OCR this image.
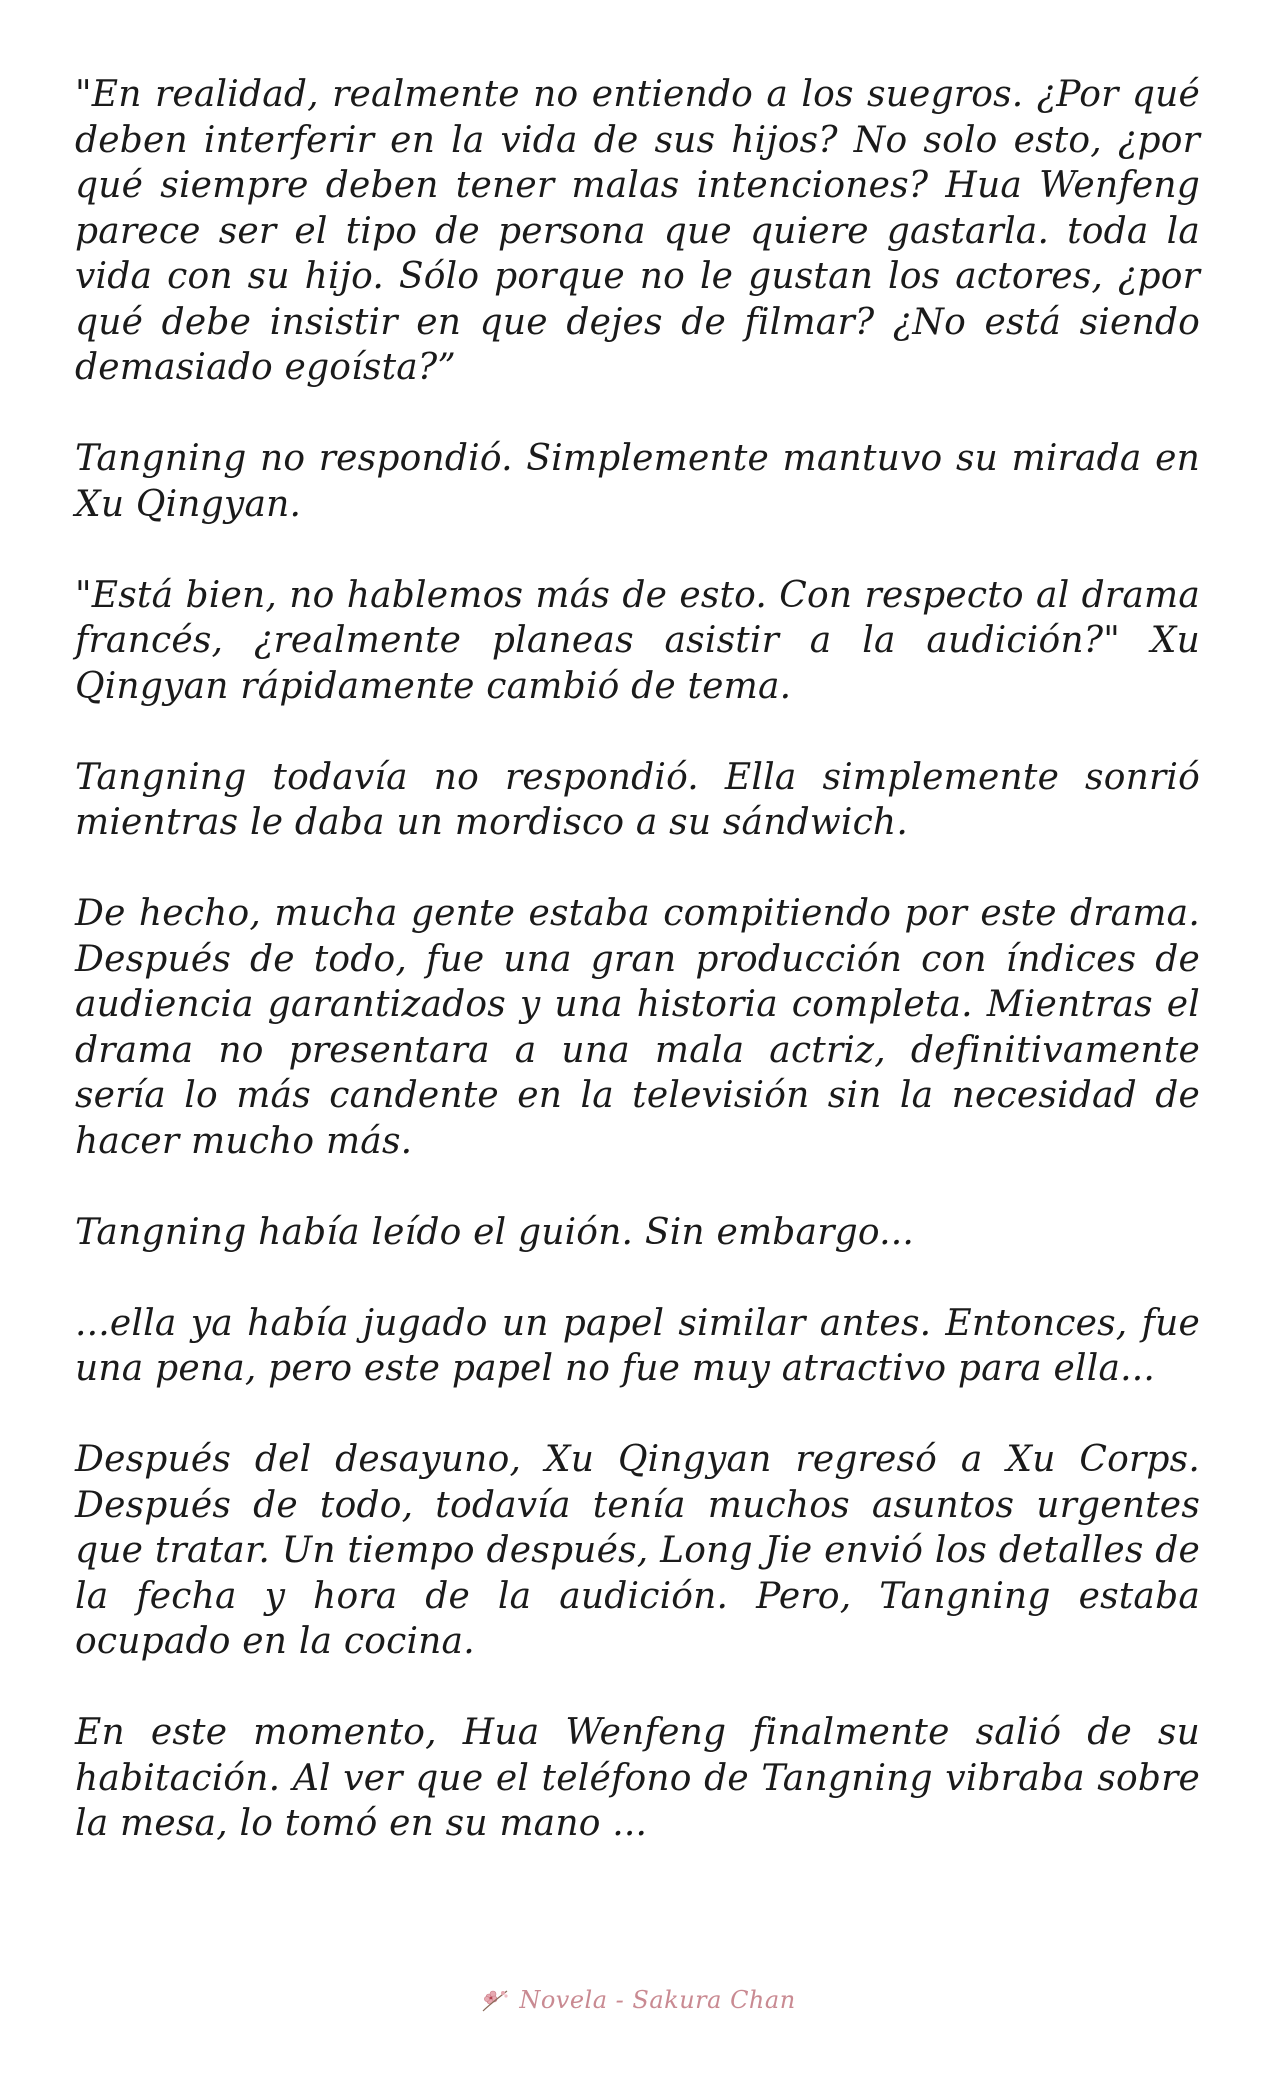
"En realidad, realmente no entiendo a los suegros. ¿Por qué deben interferir en la vida de sus hijos? No solo esto, ¿por qué siempre deben tener malas intenciones? Hua Wenfeng parece ser el tipo de persona que quiere gastarla. toda la vida con su hijo. Sólo porque no le gustan los actores, ¿por qué debe insistir en que dejes de filmar? ¿No está siendo demasiado egoísta?”

Tangning no respondió. Simplemente mantuvo su mirada en Xu Qingyan.

"Está bien, no hablemos más de esto. Con respecto al drama francés, ¿realmente planeas asistir a la audición?" Xu Qingyan rápidamente cambió de tema.

Tangning todavía no respondió. Ella simplemente sonrió mientras le daba un mordisco a su sándwich.

De hecho, mucha gente estaba compitiendo por este drama. Después de todo, fue una gran producción con índices de audiencia garantizados y una historia completa. Mientras el drama no presentara a una mala actriz, definitivamente sería lo más candente en la televisión sin la necesidad de hacer mucho más.

Tangning había leído el guión. Sin embargo...

...ella ya había jugado un papel similar antes. Entonces, fue una pena, pero este papel no fue muy atractivo para ella...

Después del desayuno, Xu Qingyan regresó a Xu Corps. Después de todo, todavía tenía muchos asuntos urgentes que tratar. Un tiempo después, Long Jie envió los detalles de la fecha y hora de la audición. Pero, Tangning estaba ocupado en la cocina.

En este momento, Hua Wenfeng finalmente salió de su habitación. Al ver que el teléfono de Tangning vibraba sobre la mesa, lo tomó en su mano ...

Novela - Sakura Chan
